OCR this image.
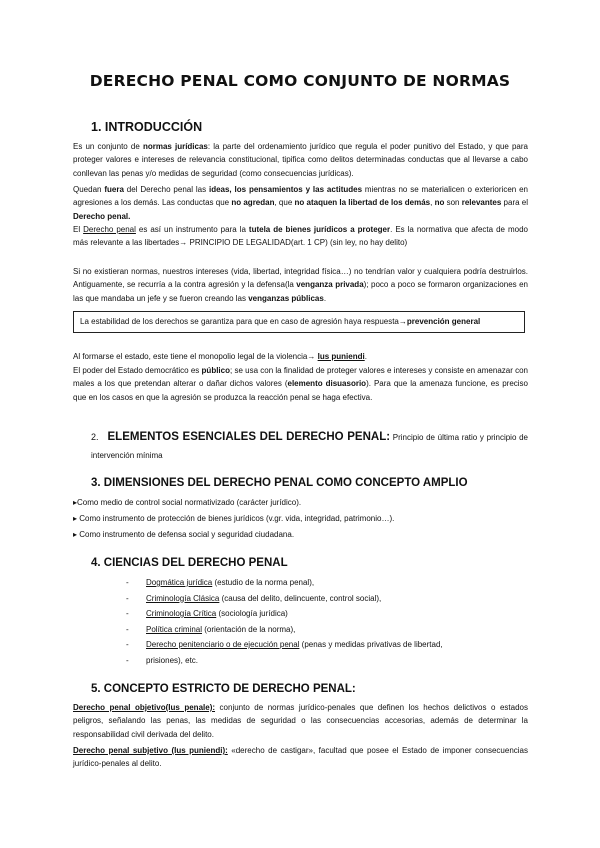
DERECHO PENAL COMO CONJUNTO DE NORMAS
1. INTRODUCCIÓN

Es un conjunto de normas jurídicas: la parte del ordenamiento jurídico que regula el poder punitivo del Estado, y que para proteger valores e intereses de relevancia constitucional, tipifica como delitos determinadas conductas que al llevarse a cabo conllevan las penas y/o medidas de seguridad (como consecuencias jurídicas).

Quedan fuera del Derecho penal las ideas, los pensamientos y las actitudes mientras no se materialicen o exterioricen en agresiones a los demás. Las conductas que no agredan, que no ataquen la libertad de los demás, no son relevantes para el Derecho penal.

El Derecho penal es así un instrumento para la tutela de bienes jurídicos a proteger. Es la normativa que afecta de modo más relevante a las libertades→ PRINCIPIO DE LEGALIDAD(art. 1 CP) (sin ley, no hay delito)

Si no existieran normas, nuestros intereses (vida, libertad, integridad física…) no tendrían valor y cualquiera podría destruirlos. Antiguamente, se recurría a la contra agresión y la defensa(la venganza privada); poco a poco se formaron organizaciones en las que mandaba un jefe y se fueron creando las venganzas públicas.

La estabilidad de los derechos se garantiza para que en caso de agresión haya respuesta→prevención general

Al formarse el estado, este tiene el monopolio legal de la violencia→ Ius puniendi.

El poder del Estado democrático es público; se usa con la finalidad de proteger valores e intereses y consiste en amenazar con males a los que pretendan alterar o dañar dichos valores (elemento disuasorio). Para que la amenaza funcione, es preciso que en los casos en que la agresión se produzca la reacción penal se haga efectiva.

2. ELEMENTOS ESENCIALES DEL DERECHO PENAL: Principio de última ratio y principio de intervención mínima

3. DIMENSIONES DEL DERECHO PENAL COMO CONCEPTO AMPLIO

▸Como medio de control social normativizado (carácter jurídico).

▸ Como instrumento de protección de bienes jurídicos (v.gr. vida, integridad, patrimonio…).

▸ Como instrumento de defensa social y seguridad ciudadana.

4. CIENCIAS DEL DERECHO PENAL
- Dogmática jurídica (estudio de la norma penal),
- Criminología Clásica (causa del delito, delincuente, control social),
- Criminología Crítica (sociología jurídica)
- Política criminal (orientación de la norma),
- Derecho penitenciario o de ejecución penal (penas y medidas privativas de libertad,
- prisiones), etc.
5. CONCEPTO ESTRICTO DE DERECHO PENAL:

Derecho penal objetivo(Ius penale): conjunto de normas jurídico-penales que definen los hechos delictivos o estados peligros, señalando las penas, las medidas de seguridad o las consecuencias accesorias, además de determinar la responsabilidad civil derivada del delito.

Derecho penal subjetivo (Ius puniendi): «derecho de castigar», facultad que posee el Estado de imponer consecuencias jurídico-penales al delito.
